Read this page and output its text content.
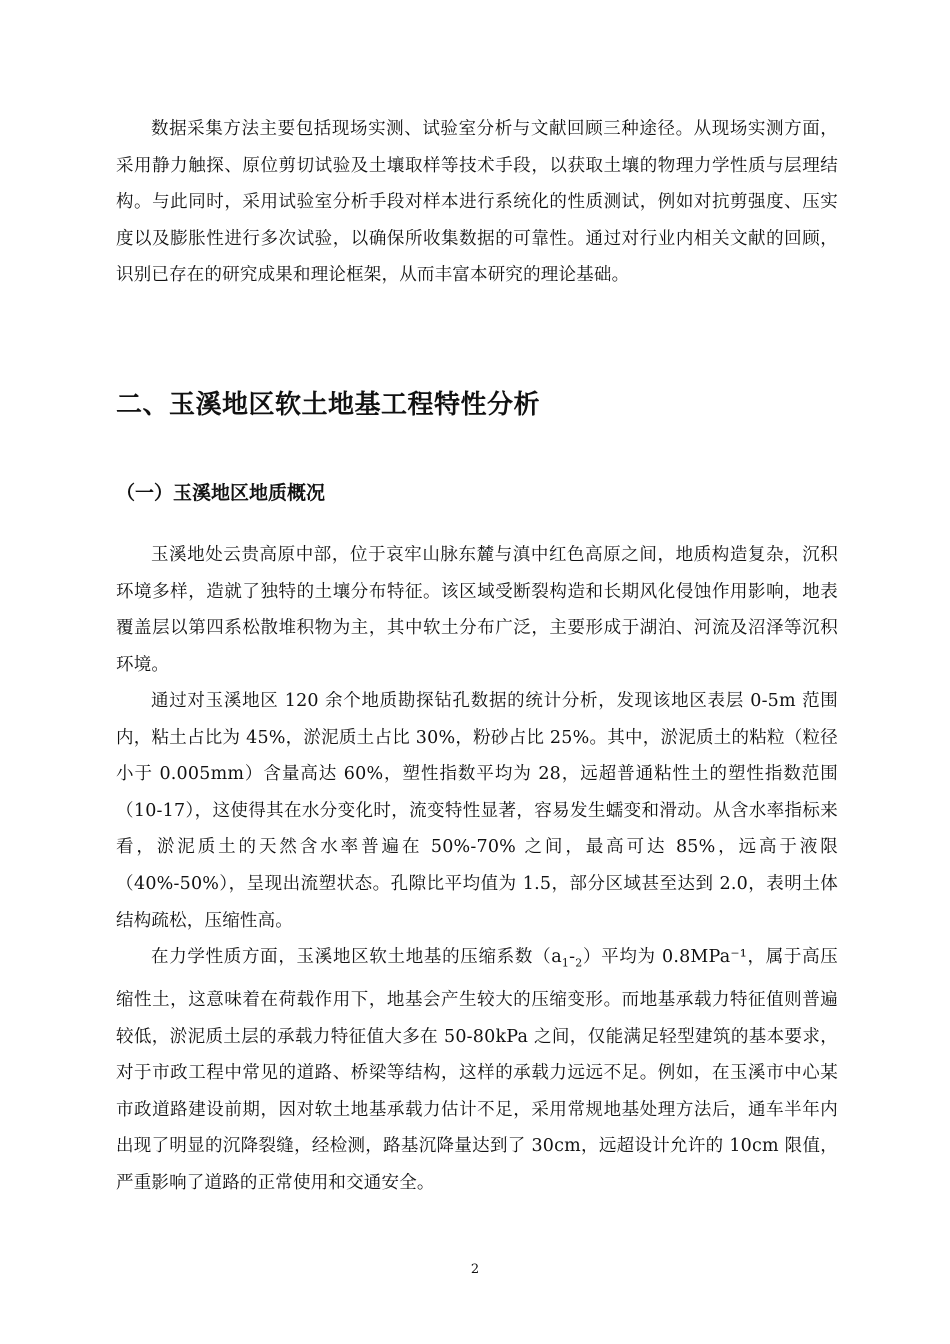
数据采集方法主要包括现场实测、试验室分析与文献回顾三种途径。从现场实测方面，采用静力触探、原位剪切试验及土壤取样等技术手段，以获取土壤的物理力学性质与层理结构。与此同时，采用试验室分析手段对样本进行系统化的性质测试，例如对抗剪强度、压实度以及膨胀性进行多次试验，以确保所收集数据的可靠性。通过对行业内相关文献的回顾，识别已存在的研究成果和理论框架，从而丰富本研究的理论基础。

二、玉溪地区软土地基工程特性分析
（一）玉溪地区地质概况

玉溪地处云贵高原中部，位于哀牢山脉东麓与滇中红色高原之间，地质构造复杂，沉积环境多样，造就了独特的土壤分布特征。该区域受断裂构造和长期风化侵蚀作用影响，地表覆盖层以第四系松散堆积物为主，其中软土分布广泛，主要形成于湖泊、河流及沼泽等沉积环境。

通过对玉溪地区 120 余个地质勘探钻孔数据的统计分析，发现该地区表层 0-5m 范围内，粘土占比为 45%，淤泥质土占比 30%，粉砂占比 25%。其中，淤泥质土的粘粒（粒径小于 0.005mm）含量高达 60%，塑性指数平均为 28，远超普通粘性土的塑性指数范围（10-17），这使得其在水分变化时，流变特性显著，容易发生蠕变和滑动。从含水率指标来看，淤泥质土的天然含水率普遍在 50%-70% 之间，最高可达 85%，远高于液限（40%-50%），呈现出流塑状态。孔隙比平均值为 1.5，部分区域甚至达到 2.0，表明土体结构疏松，压缩性高。

在力学性质方面，玉溪地区软土地基的压缩系数$(a_1-_2)$平均为 0.8MPa⁻¹，属于高压缩性土，这意味着在荷载作用下，地基会产生较大的压缩变形。而地基承载力特征值则普遍较低，淤泥质土层的承载力特征值大多在 50-80kPa 之间，仅能满足轻型建筑的基本要求，对于市政工程中常见的道路、桥梁等结构，这样的承载力远远不足。例如，在玉溪市中心某市政道路建设前期，因对软土地基承载力估计不足，采用常规地基处理方法后，通车半年内出现了明显的沉降裂缝，经检测，路基沉降量达到了 30cm，远超设计允许的 10cm 限值，严重影响了道路的正常使用和交通安全。

2
